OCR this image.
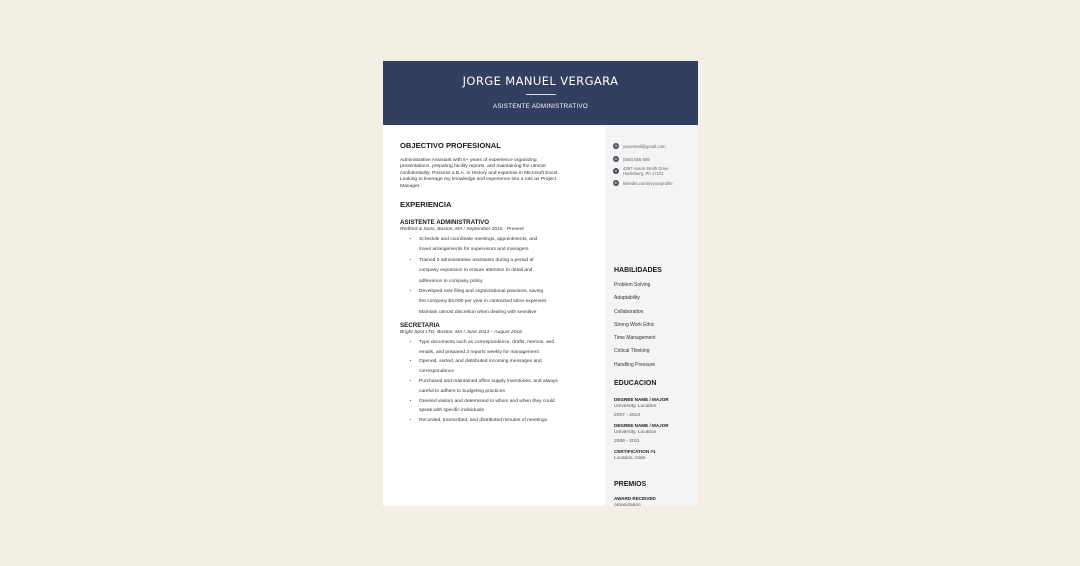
JORGE MANUEL VERGARA
ASISTENTE ADMINISTRATIVO
OBJECTIVO PROFESIONAL
Administrative Assistant with 6+ years of experience organizing
presentations, preparing facility reports, and maintaining the utmost
confidentiality. Possess a B.A. in History and expertise in Microsoft Excel.
Looking to leverage my knowledge and experience into a role as Project
Manager.
EXPERIENCIA
ASISTENTE ADMINISTRATIVO
Redford & Sons, Boston, MA / September 2016 - Present
• Schedule and coordinate meetings, appointments, and
travel arrangements for supervisors and managers
• Trained 2 administrative assistants during a period of
company expansion to ensure attention to detail and
adherence to company policy
• Developed new filing and organizational practices, saving
the company $3,000 per year in contracted labor expenses
• Maintain utmost discretion when dealing with sensitive

SECRETARIA
Bright Spot LTD, Boston, MA / June 2013 – August 2016
• Type documents such as correspondence, drafts, memos, and
emails, and prepared 3 reports weekly for management
• Opened, sorted, and distributed incoming messages and
correspondence
• Purchased and maintained office supply inventories, and always
careful to adhere to budgeting practices
• Greeted visitors and determined to whom and when they could
speak with specific individuals
• Recorded, transcribed, and distributed minutes of meetings
✉	youremail@gmail.com
☏ (555) 555 555
●	4397 Aaron Smith Drive
Harrisburg, PA 17101
in	linkedin.com/in/yourprofile
HABILIDADES
Problem Solving
Adaptability
Collaboration
Strong Work Ethic
Time Management
Critical Thinking
Handling Pressure
EDUCACION
DEGREE NAME / MAJOR
University, Location
2007 - 2013
DEGREE NAME / MAJOR
University, Location
2006 - 2011
CERTIFICATION #1
Location, Date
PREMIOS
AWARD RECEIVED
organization
